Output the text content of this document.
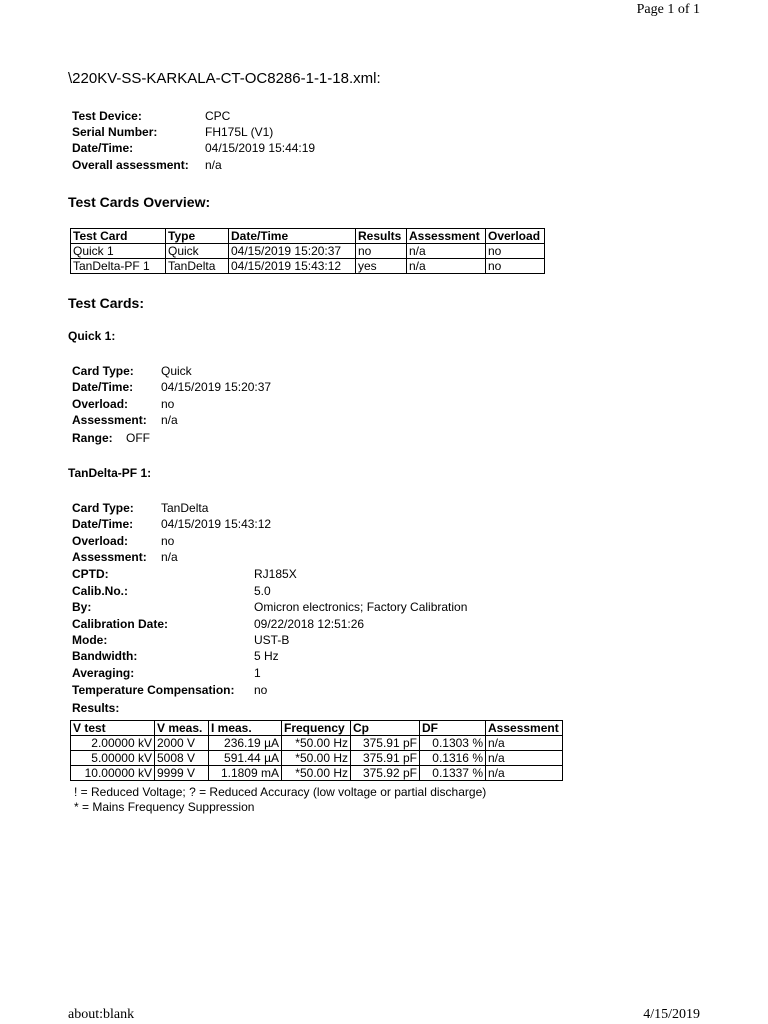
Page 1 of 1
\220KV-SS-KARKALA-CT-OC8286-1-1-18.xml:
Test Device:	CPC
Serial Number:	FH175L (V1)
Date/Time:	04/15/2019 15:44:19
Overall assessment: n/a
Test Cards Overview:
Test Card	Type	Date/Time	Results	Assessment	Overload
Quick 1	Quick	04/15/2019 15:20:37	no	n/a	no
TanDelta-PF 1	TanDelta	04/15/2019 15:43:12	yes	n/a	no
Test Cards:
Quick 1:
Card Type: Quick
Date/Time: 04/15/2019 15:20:37
Overload:	no
Assessment: n/a
Range: OFF
TanDelta-PF 1:
Card Type: TanDelta
Date/Time: 04/15/2019 15:43:12
Overload:	no
Assessment: n/a
CPTD:	RJ185X
Calib.No.:	5.0
By:	Omicron electronics; Factory Calibration
Calibration Date:	09/22/2018 12:51:26
Mode:	UST-B
Bandwidth:	5 Hz
Averaging:	1
Temperature Compensation: no
Results:
V test	V meas.	I meas.	Frequency	Cp	DF	Assessment
2.00000 kV	2000 V	236.19 µA	*50.00 Hz	375.91 pF	0.1303 %	n/a
5.00000 kV	5008 V	591.44 µA	*50.00 Hz	375.91 pF	0.1316 %	n/a
10.00000 kV	9999 V	1.1809 mA	*50.00 Hz	375.92 pF	0.1337 %	n/a
! = Reduced Voltage; ? = Reduced Accuracy (low voltage or partial discharge)
* = Mains Frequency Suppression
about:blank	4/15/2019
